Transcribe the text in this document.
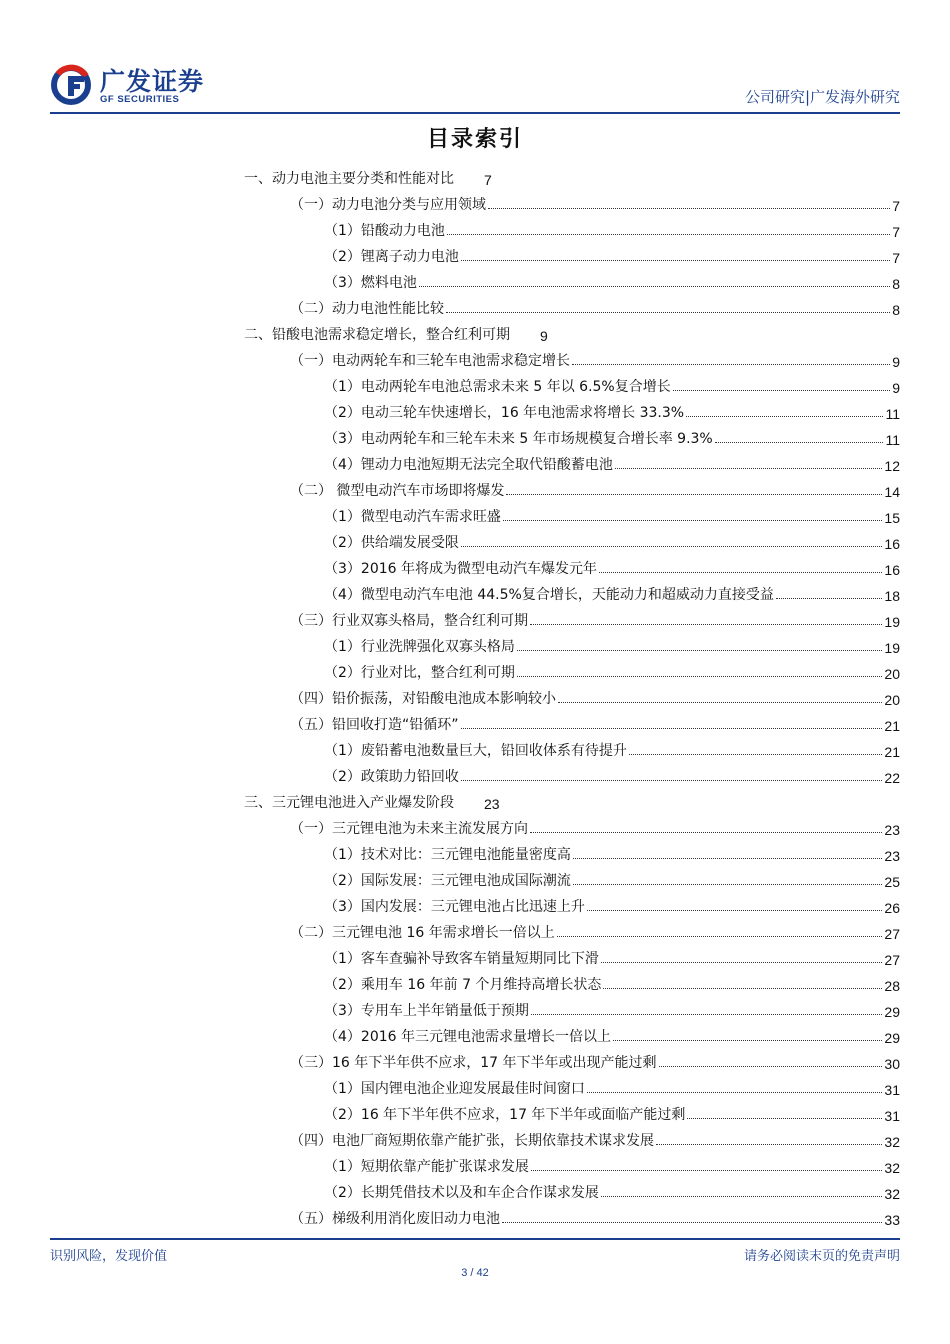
广发证券
GF SECURITIES	公司研究|广发海外研究
目录索引
一、动力电池主要分类和性能对比 7
（一）动力电池分类与应用领域	7
（1）铅酸动力电池	7
（2）锂离子动力电池	7
（3）燃料电池	8
（二）动力电池性能比较	8
二、铅酸电池需求稳定增长，整合红利可期 9
（一）电动两轮车和三轮车电池需求稳定增长	9
（1）电动两轮车电池总需求未来 5 年以 6.5%复合增长	9
（2）电动三轮车快速增长，16 年电池需求将增长 33.3%	11
（3）电动两轮车和三轮车未来 5 年市场规模复合增长率 9.3%	11
（4）锂动力电池短期无法完全取代铅酸蓄电池	12
（二） 微型电动汽车市场即将爆发	14
（1）微型电动汽车需求旺盛	15
（2）供给端发展受限	16
（3）2016 年将成为微型电动汽车爆发元年	16
（4）微型电动汽车电池 44.5%复合增长，天能动力和超威动力直接受益	18
（三）行业双寡头格局，整合红利可期	19
（1）行业洗牌强化双寡头格局	19
（2）行业对比，整合红利可期	20
（四）铅价振荡，对铅酸电池成本影响较小	20
（五）铅回收打造“铅循环”	21
（1）废铅蓄电池数量巨大，铅回收体系有待提升	21
（2）政策助力铅回收	22
三、三元锂电池进入产业爆发阶段 23
（一）三元锂电池为未来主流发展方向	23
（1）技术对比：三元锂电池能量密度高	23
（2）国际发展：三元锂电池成国际潮流	25
（3）国内发展：三元锂电池占比迅速上升	26
（二）三元锂电池 16 年需求增长一倍以上	27
（1）客车查骗补导致客车销量短期同比下滑	27
（2）乘用车 16 年前 7 个月维持高增长状态	28
（3）专用车上半年销量低于预期	29
（4）2016 年三元锂电池需求量增长一倍以上	29
（三）16 年下半年供不应求，17 年下半年或出现产能过剩	30
（1）国内锂电池企业迎发展最佳时间窗口	31
（2）16 年下半年供不应求，17 年下半年或面临产能过剩	31
（四）电池厂商短期依靠产能扩张，长期依靠技术谋求发展	32
（1）短期依靠产能扩张谋求发展	32
（2）长期凭借技术以及和车企合作谋求发展	32
（五）梯级利用消化废旧动力电池	33
识别风险，发现价值	请务必阅读末页的免责声明
3 / 42
